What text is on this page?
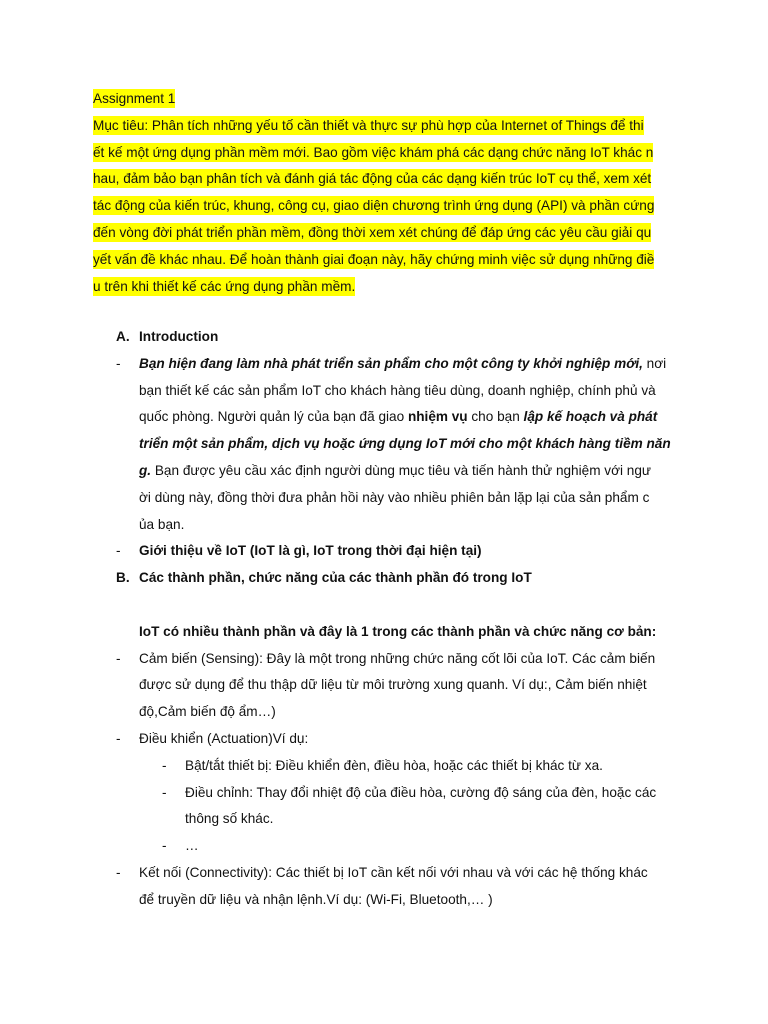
Assignment 1
Mục tiêu: Phân tích những yếu tố cần thiết và thực sự phù hợp của Internet of Things để thi
ết kế một ứng dụng phần mềm mới. Bao gồm việc khám phá các dạng chức năng IoT khác n
hau, đảm bảo bạn phân tích và đánh giá tác động của các dạng kiến trúc IoT cụ thể, xem xét
tác động của kiến trúc, khung, công cụ, giao diện chương trình ứng dụng (API) và phần cứng
đến vòng đời phát triển phần mềm, đồng thời xem xét chúng để đáp ứng các yêu cầu giải qu
yết vấn đề khác nhau. Để hoàn thành giai đoạn này, hãy chứng minh việc sử dụng những điề
u trên khi thiết kế các ứng dụng phần mềm.
A. Introduction
- Bạn hiện đang làm nhà phát triển sản phẩm cho một công ty khởi nghiệp mới, nơi
bạn thiết kế các sản phẩm IoT cho khách hàng tiêu dùng, doanh nghiệp, chính phủ và
quốc phòng. Người quản lý của bạn đã giao nhiệm vụ cho bạn lập kế hoạch và phát
triển một sản phẩm, dịch vụ hoặc ứng dụng IoT mới cho một khách hàng tiềm năn
g. Bạn được yêu cầu xác định người dùng mục tiêu và tiến hành thử nghiệm với ngư
ời dùng này, đồng thời đưa phản hồi này vào nhiều phiên bản lặp lại của sản phẩm c
ủa bạn.
- Giới thiệu về IoT (IoT là gì, IoT trong thời đại hiện tại)
B. Các thành phần, chức năng của các thành phần đó trong IoT
IoT có nhiều thành phần và đây là 1 trong các thành phần và chức năng cơ bản:
- Cảm biến (Sensing): Đây là một trong những chức năng cốt lõi của IoT. Các cảm biến
được sử dụng để thu thập dữ liệu từ môi trường xung quanh. Ví dụ:, Cảm biến nhiệt
độ,Cảm biến độ ẩm…)
- Điều khiển (Actuation)Ví dụ:
- Bật/tắt thiết bị: Điều khiển đèn, điều hòa, hoặc các thiết bị khác từ xa.
- Điều chỉnh: Thay đổi nhiệt độ của điều hòa, cường độ sáng của đèn, hoặc các
thông số khác.
- …
- Kết nối (Connectivity): Các thiết bị IoT cần kết nối với nhau và với các hệ thống khác
để truyền dữ liệu và nhận lệnh.Ví dụ: (Wi-Fi, Bluetooth,… )
